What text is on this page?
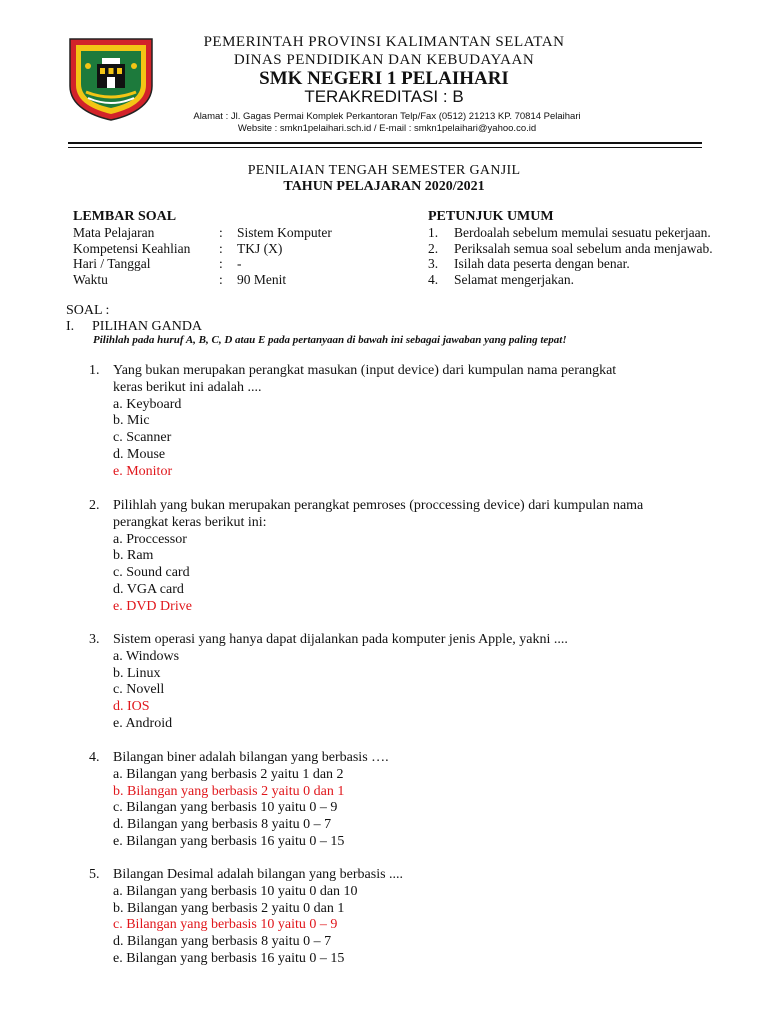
PEMERINTAH PROVINSI KALIMANTAN SELATAN
DINAS PENDIDIKAN DAN KEBUDAYAAN
SMK NEGERI 1 PELAIHARI
TERAKREDITASI : B
Alamat : Jl. Gagas Permai Komplek Perkantoran Telp/Fax (0512) 21213 KP. 70814 Pelaihari
Website : smkn1pelaihari.sch.id / E-mail : smkn1pelaihari@yahoo.co.id
PENILAIAN TENGAH SEMESTER GANJIL
TAHUN PELAJARAN 2020/2021
LEMBAR SOAL
Mata Pelajaran	: Sistem Komputer
Kompetensi Keahlian : TKJ (X)
Hari / Tanggal	: -
Waktu	: 90 Menit
PETUNJUK UMUM
1. Berdoalah sebelum memulai sesuatu pekerjaan.
2. Periksalah semua soal sebelum anda menjawab.
3. Isilah data peserta dengan benar.
4. Selamat mengerjakan.
SOAL :
I. PILIHAN GANDA
Pilihlah pada huruf A, B, C, D atau E pada pertanyaan di bawah ini sebagai jawaban yang paling tepat!
1. Yang bukan merupakan perangkat masukan (input device) dari kumpulan nama perangkat
keras berikut ini adalah ....
a. Keyboard
b. Mic
c. Scanner
d. Mouse
e. Monitor
2. Pilihlah yang bukan merupakan perangkat pemroses (proccessing device) dari kumpulan nama
perangkat keras berikut ini:
a. Proccessor
b. Ram
c. Sound card
d. VGA card
e. DVD Drive
3. Sistem operasi yang hanya dapat dijalankan pada komputer jenis Apple, yakni ....
a. Windows
b. Linux
c. Novell
d. IOS
e. Android
4. Bilangan biner adalah bilangan yang berbasis ….
a. Bilangan yang berbasis 2 yaitu 1 dan 2
b. Bilangan yang berbasis 2 yaitu 0 dan 1
c. Bilangan yang berbasis 10 yaitu 0 – 9
d. Bilangan yang berbasis 8 yaitu 0 – 7
e. Bilangan yang berbasis 16 yaitu 0 – 15
5. Bilangan Desimal adalah bilangan yang berbasis ....
a. Bilangan yang berbasis 10 yaitu 0 dan 10
b. Bilangan yang berbasis 2 yaitu 0 dan 1
c. Bilangan yang berbasis 10 yaitu 0 – 9
d. Bilangan yang berbasis 8 yaitu 0 – 7
e. Bilangan yang berbasis 16 yaitu 0 – 15
